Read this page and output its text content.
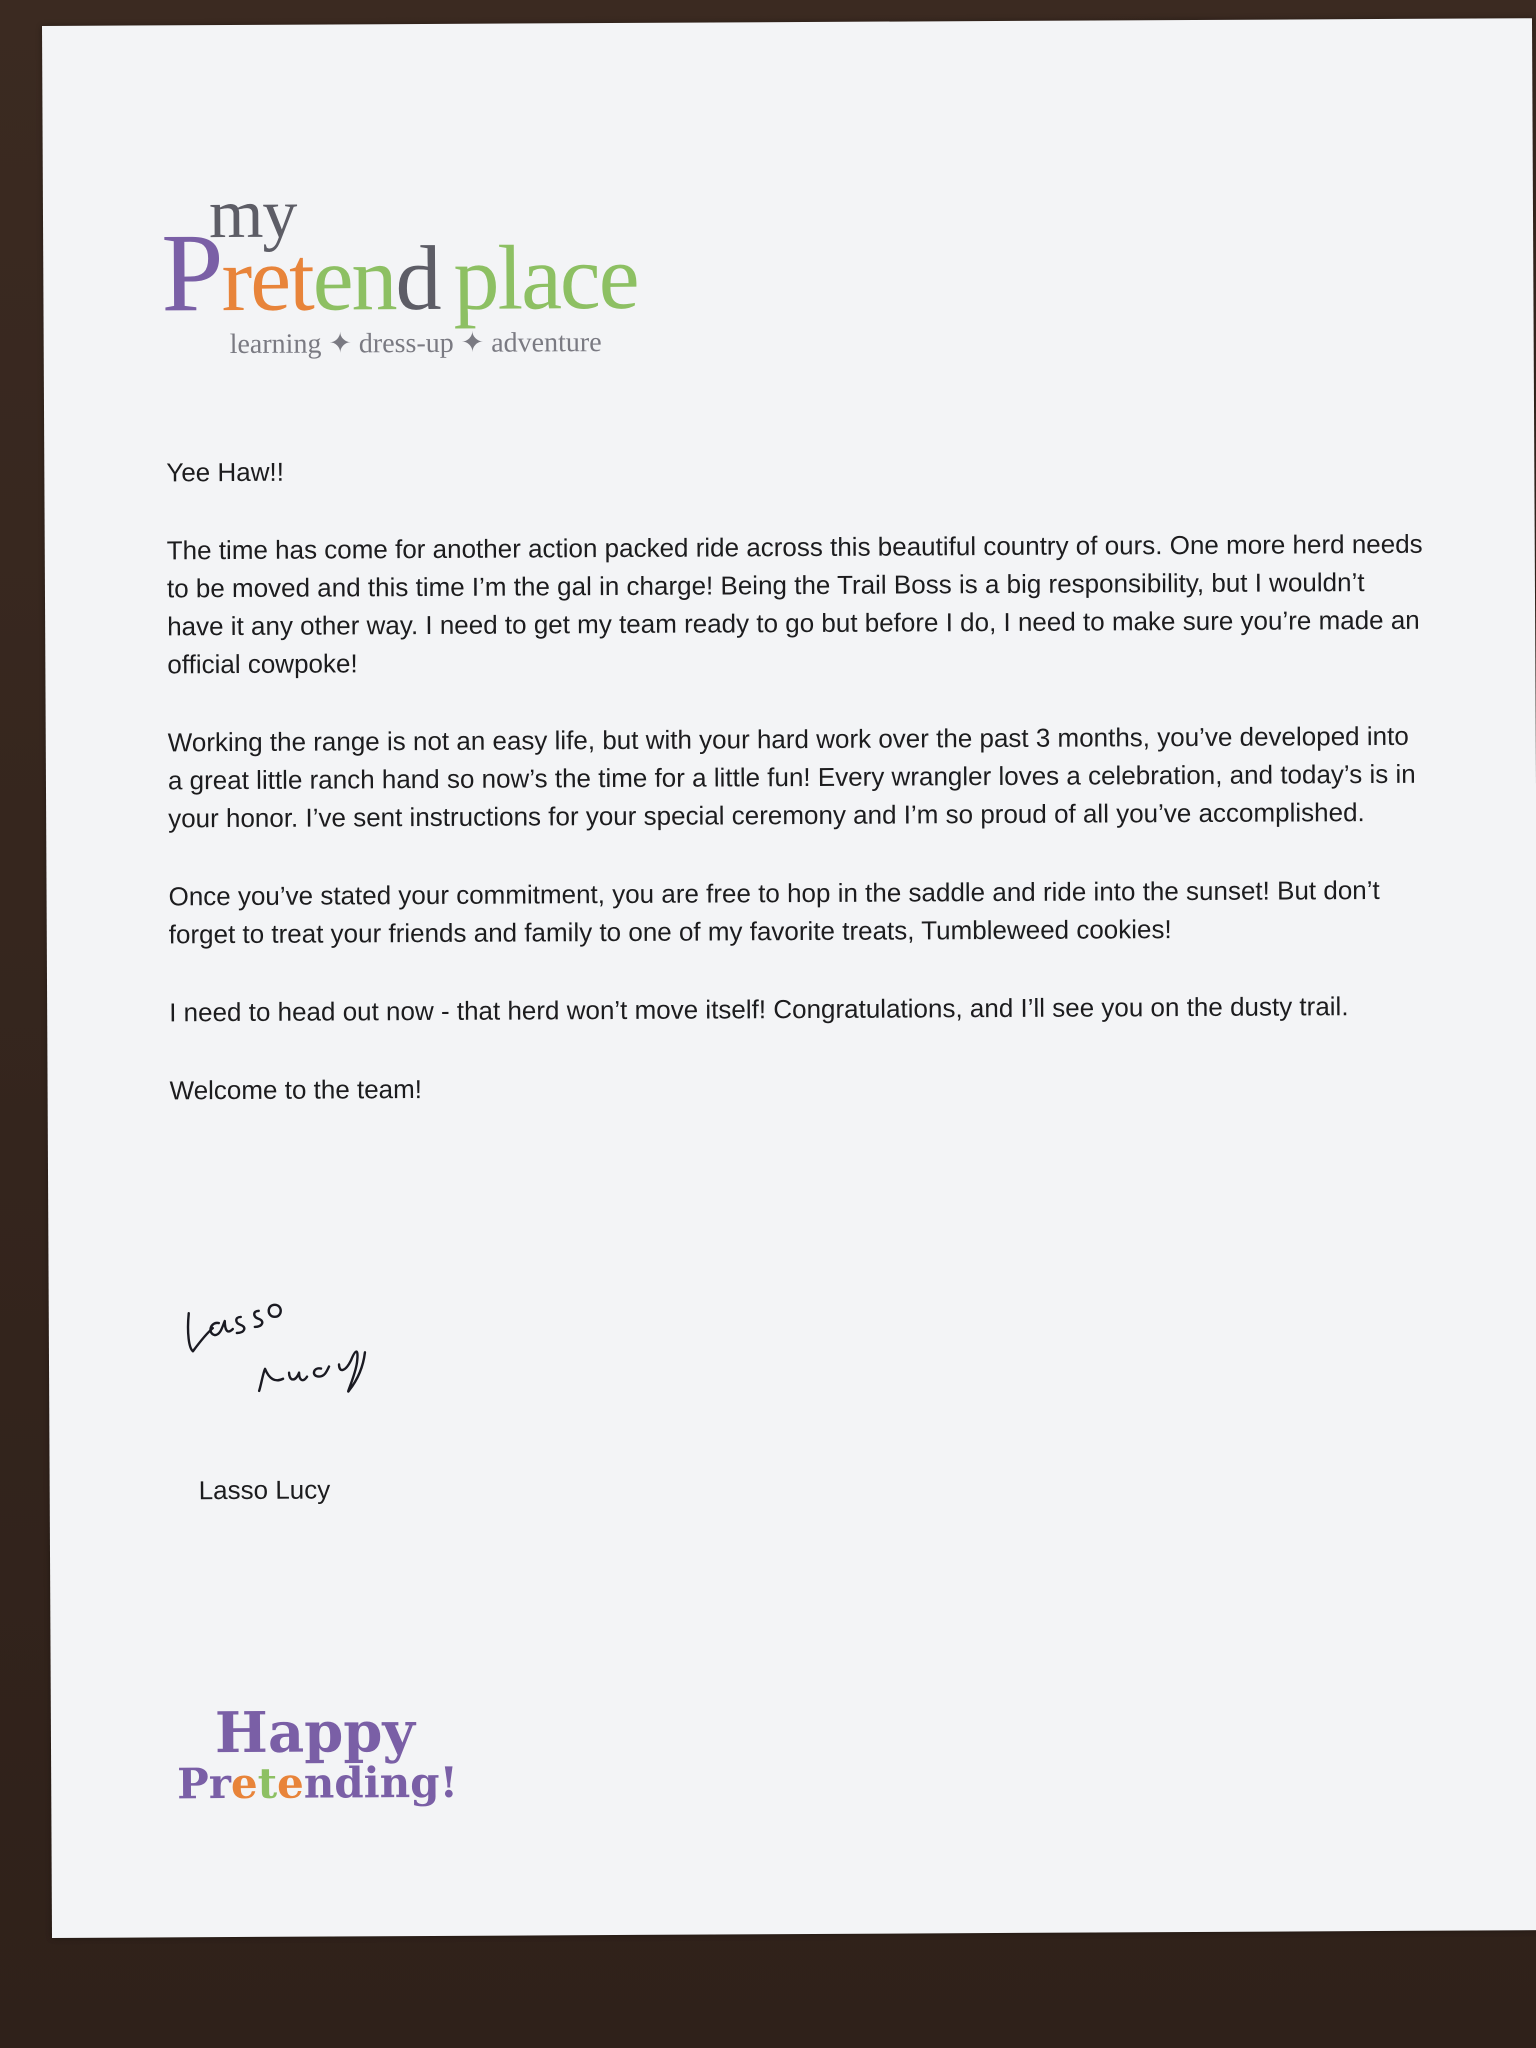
my
Pretend place
learning ✦ dress-up ✦ adventure

Yee Haw!!

The time has come for another action packed ride across this beautiful country of ours. One more herd needs to be moved and this time I’m the gal in charge! Being the Trail Boss is a big responsibility, but I wouldn’t have it any other way. I need to get my team ready to go but before I do, I need to make sure you’re made an official cowpoke!

Working the range is not an easy life, but with your hard work over the past 3 months, you’ve developed into a great little ranch hand so now’s the time for a little fun! Every wrangler loves a celebration, and today’s is in your honor. I’ve sent instructions for your special ceremony and I’m so proud of all you’ve accomplished.

Once you’ve stated your commitment, you are free to hop in the saddle and ride into the sunset! But don’t forget to treat your friends and family to one of my favorite treats, Tumbleweed cookies!

I need to head out now - that herd won’t move itself! Congratulations, and I’ll see you on the dusty trail.

Welcome to the team!

Lasso Lucy
Happy
Pretending!
